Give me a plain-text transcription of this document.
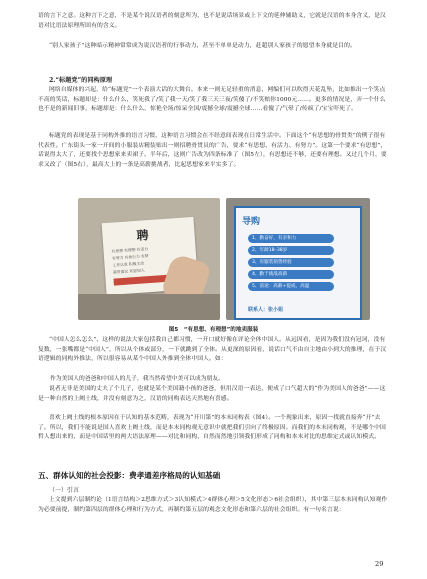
语的言下之意。这种言下之意，不是某个说汉语者的刻意所为，也不是说话场景或上下文的延伸辅助义，它就是汉语的本身含义，是汉语对比语法原理所固有的含义。

“别人家孩子”这种暗示精神常常成为说汉语者的行事动力，甚至不单单是动力，赶超别人家孩子的愿望本身就是目的。

2.“标题党”的同构原理

网络自媒体的兴起，给“标题党”一个表演大话的大舞台。本来一则无足轻重的消息，网编们可以吹得天花乱坠，比如推出一个笑点不高的笑话，标题却是：什么什么，笑死我了/笑了我一天/笑了我三天三夜/笑傻了/不笑赔你1000元……。更多的情况是，弄一个什么也不是的新闻旧事，标题却是：什么什么，惊艳全场/惊呆全国/震撼全球/震撼全球……看傻了/气晕了/传疯了/宝宝吓死了。

标题党的表现是基于同构外推的语言习惯，这种语言习惯会在不经意间表现在日常生活中。下面这个“有思想的骨贯类”的例子很有代表性。广东街头一家一开间的小服装店精装贴出一则招聘骨贯员的广告，要求“有思想、有活力、有努力”。这第一个要求“有思想”，话说得太大了，还要找个思想家来卖裙子。半年后，这则广告改为四条标准了（图5左），有思想还不够，还要有理想。又过几个月，要求又改了（图5右），最高大上的一条是高薪挑战者，比起思想家来平实多了。

聘
有思想 有理想 有活力
有努力 有执行力 有梦
工作认真 积极主动
薪资面议 欢迎加入
导购
1、勤奋好，有亲和力
2、年龄18–38岁
3、有服装销售经验
4、勤于挑战高薪
5、前途：高薪+提成，高温
联系人：张小姐
图5　“有思想、有理想”的地卖服装

“中国人怎么怎么”，这样的说法大家包括我自己都习惯，一开口就好像在评论全体中国人。从远因看，是因为我们没有冠词，没有复数，一张嘴都是“中国人”，所以从个体或部分，一下就跳到了全体。从更深的原因看，说话口气不由自主地由小到大的推理，在于汉语逻辑的同构外推法，所以很容易从某个中国人外推到全体中国人。如：

作为美国人的爸爸和中国人的儿子，我当然希望中美可以成为朋友。

说者无非是美国的丈夫了个儿子，也就是某个美国籍小孩的爸爸，但用汉语一表达，便成了口气超大的“作为美国人的爸爸”——这是一种自然的上阙土线，并没有刻意为之，汉语的同构表达天然地有喜感。

喜欢上阙土线的根本原因在于认知的基本范畴，表现为“开川第”的本末同构表（图4）。一个现象出来，原因一找就直接奔“开”去了。所以，我们不能说是国人喜欢上阙土线，而是本末同构观无意识中就把我们引向了终极原因。而我们的本末同构观，不是哪个中国哲人想出来的，而是中国话里的两大语法原理——对比和同构，自然而然地引领我们形成了同构和本末对比的思维定式或认知模式。

五、群体认知的社会投影：费孝通差序格局的认知基础

（一）引言

上文提到六层制约论（1语言结构＞2思维方式＞3认知模式＞4群体心理＞5文化形态＞6社会组织），其中第三层本末同构认知观作为必要前提，制约第四层的群体心理和行为方式，再制约第五层的观念文化形态和第六层的社会组织。有一句名言说：

29
